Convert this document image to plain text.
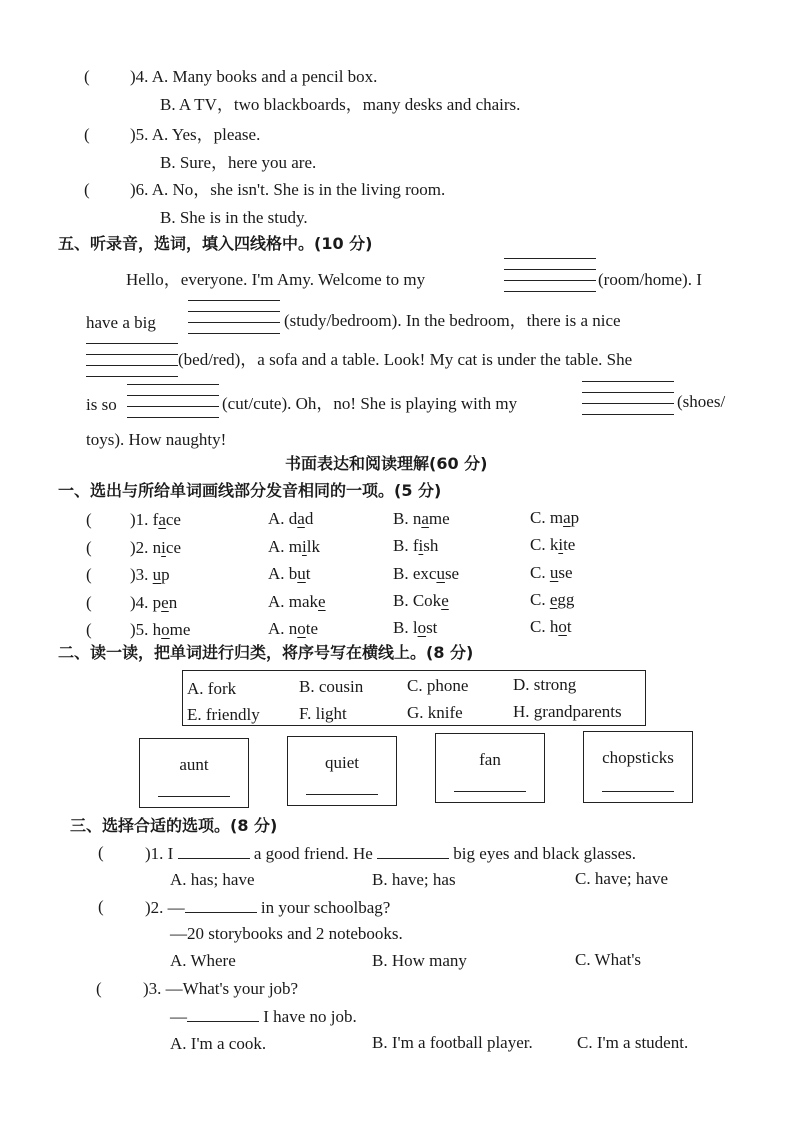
( )4. A. Many books and a pencil box.
B. A TV，two blackboards，many desks and chairs.
( )5. A. Yes，please.
B. Sure，here you are.
( )6. A. No，she isn't. She is in the living room.
B. She is in the study.
五、听录音，选词，填入四线格中。(10 分)
Hello，everyone. I'm Amy. Welcome to my	(room/home). I
have a big	(study/bedroom). In the bedroom，there is a nice
(bed/red)，a sofa and a table. Look! My cat is under the table. She
is so	(cut/cute). Oh，no! She is playing with my	(shoes/
toys). How naughty!
书面表达和阅读理解(60 分)
一、选出与所给单词画线部分发音相同的一项。(5 分)
( )1. face	A. dad	B. name	C. map
( )2. nice	A. milk	B. fish	C. kite
( )3. up	A. but	B. excuse	C. use
( )4. pen	A. make	B. Coke	C. egg
( )5. home	A. note	B. lost	C. hot
二、读一读，把单词进行归类，将序号写在横线上。(8 分)
A. fork	B. cousin	C. phone	D. strong
E. friendly F. light	G. knife	H. grandparents
aunt	quiet	fan	chopsticks
三、选择合适的选项。(8 分)
( )1. I	a good friend. He	big eyes and black glasses.
A. has; have	B. have; has	C. have; have
( )2. —	in your schoolbag?
—20 storybooks and 2 notebooks.
A. Where	B. How many	C. What's
( )3. —What's your job?
—	I have no job.
A. I'm a cook.	B. I'm a football player.	C. I'm a student.
